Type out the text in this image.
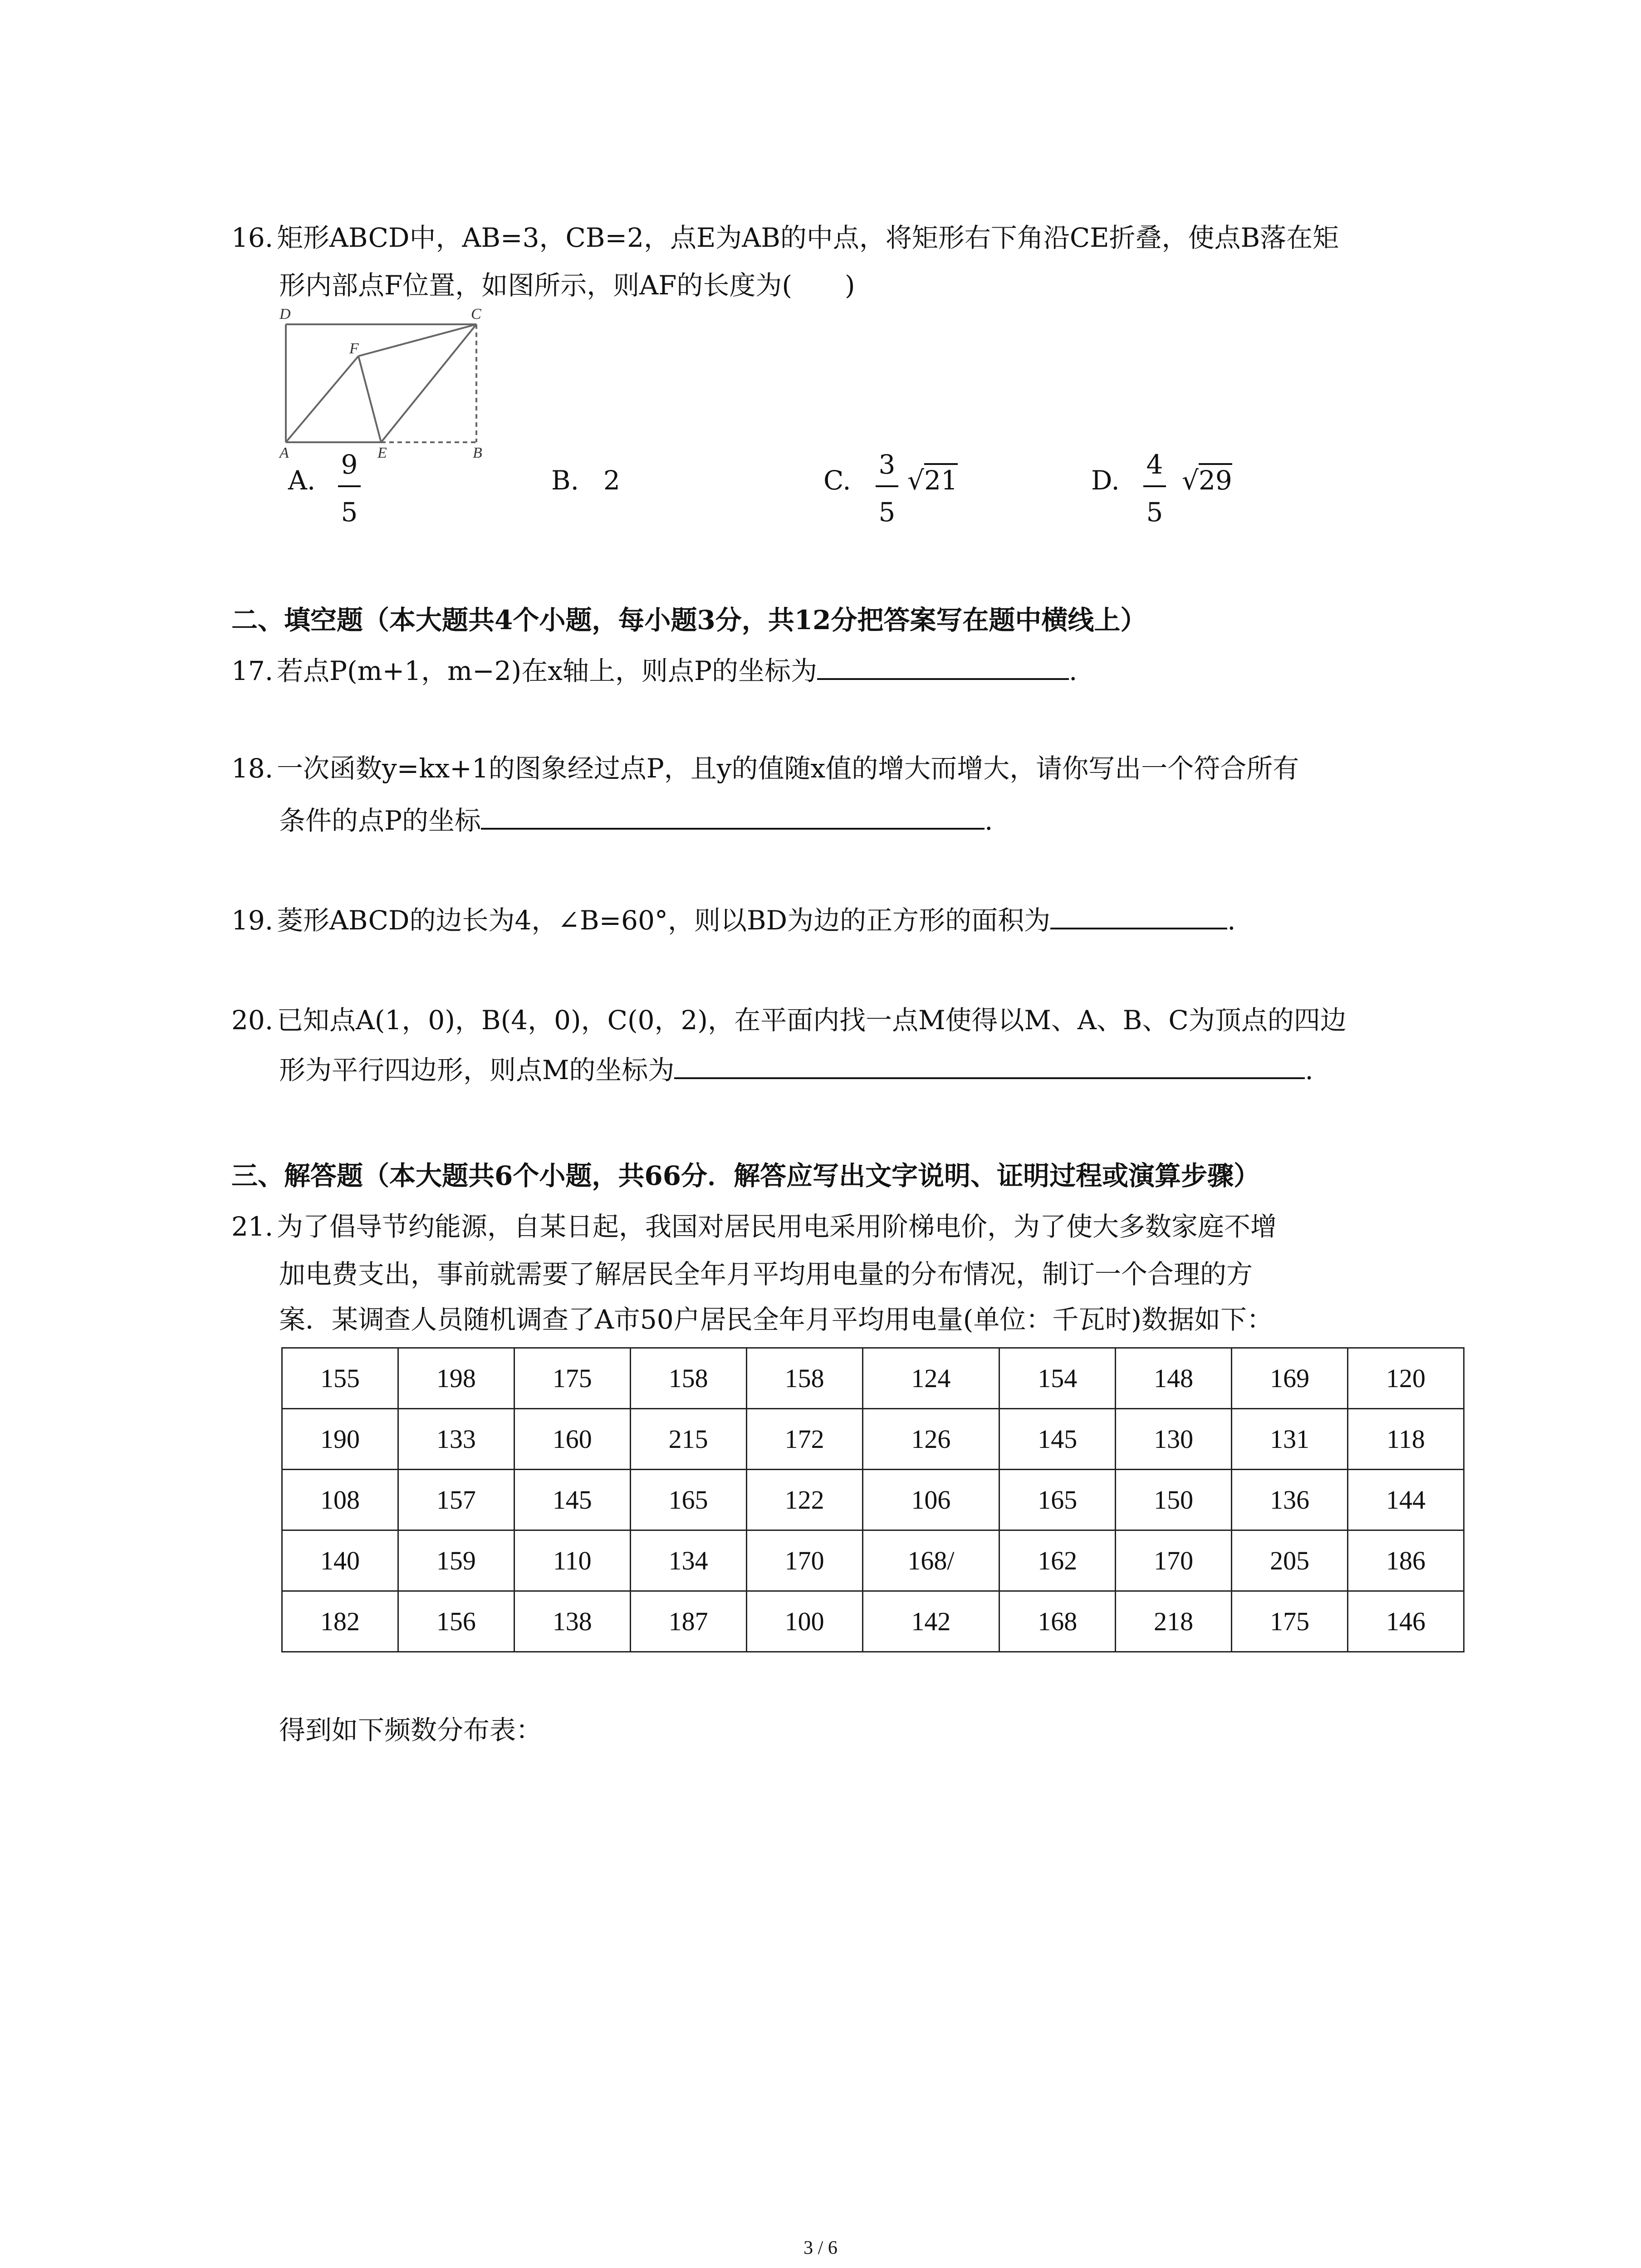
16. 矩形ABCD中，AB=3，CB=2，点E为AB的中点，将矩形右下角沿CE折叠，使点B落在矩
形内部点F位置，如图所示，则AF的长度为(　　)
D	C
F
A	E	B
A.
9
5
B. 2	C.
3
5
√21	D.
4
5
√29
二、填空题（本大题共4个小题，每小题3分，共12分把答案写在题中横线上）
17. 若点P(m+1，m−2)在x轴上，则点P的坐标为	.
18. 一次函数y=kx+1的图象经过点P，且y的值随x值的增大而增大，请你写出一个符合所有
条件的点P的坐标	.
19. 菱形ABCD的边长为4，∠B=60°，则以BD为边的正方形的面积为	.
20. 已知点A(1，0)，B(4，0)，C(0，2)，在平面内找一点M使得以M、A、B、C为顶点的四边
形为平行四边形，则点M的坐标为	.
三、解答题（本大题共6个小题，共66分．解答应写出文字说明、证明过程或演算步骤）
21. 为了倡导节约能源，自某日起，我国对居民用电采用阶梯电价，为了使大多数家庭不增
加电费支出，事前就需要了解居民全年月平均用电量的分布情况，制订一个合理的方
案．某调查人员随机调查了A市50户居民全年月平均用电量(单位：千瓦时)数据如下：
155	198	175	158	158	124	154	148	169	120
190	133	160	215	172	126	145	130	131	118
108	157	145	165	122	106	165	150	136	144
140	159	110	134	170	168/	162	170	205	186
182	156	138	187	100	142	168	218	175	146
得到如下频数分布表：
3 / 6
